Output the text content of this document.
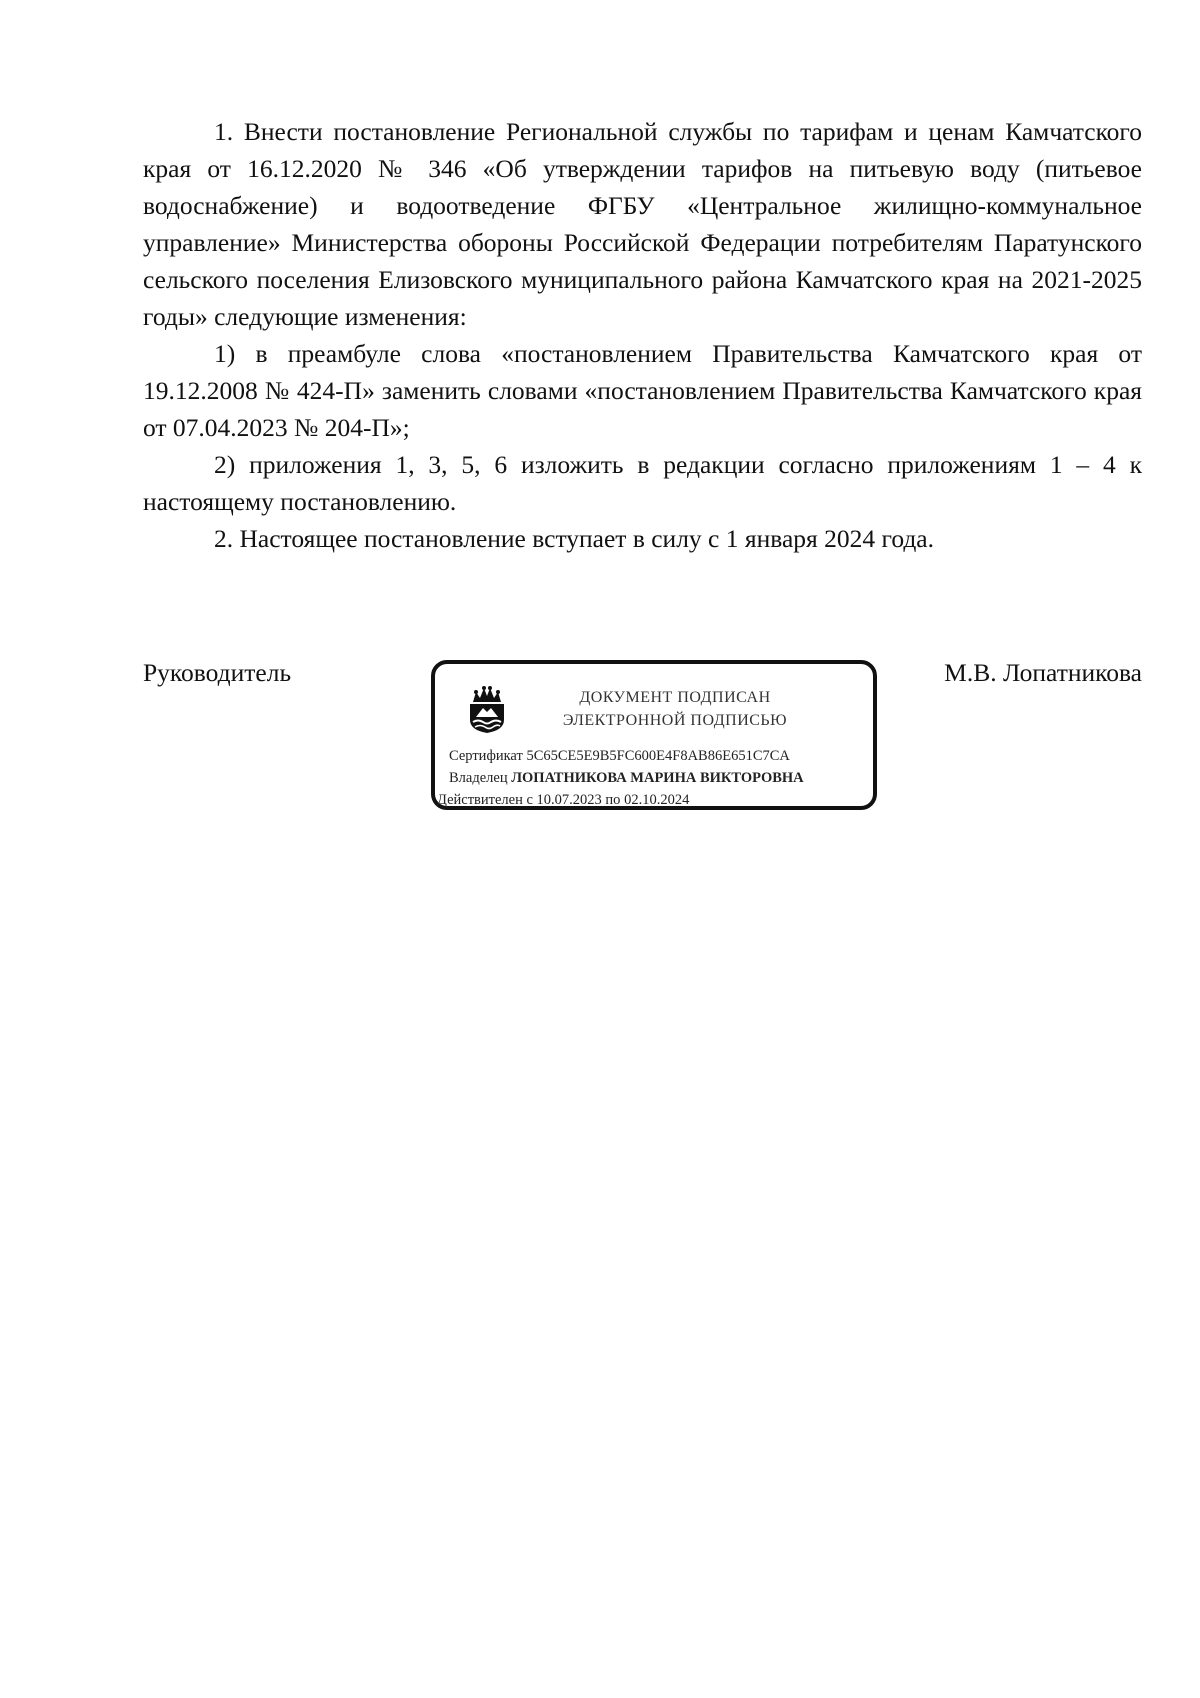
1. Внести постановление Региональной службы по тарифам и ценам Камчатского края от 16.12.2020 № 346 «Об утверждении тарифов на питьевую воду (питьевое водоснабжение) и водоотведение ФГБУ «Центральное жилищно-коммунальное управление» Министерства обороны Российской Федерации потребителям Паратунского сельского поселения Елизовского муниципального района Камчатского края на 2021-2025 годы» следующие изменения:

1) в преамбуле слова «постановлением Правительства Камчатского края от 19.12.2008 № 424-П» заменить словами «постановлением Правительства Камчатского края от 07.04.2023 № 204-П»;

2) приложения 1, 3, 5, 6 изложить в редакции согласно приложениям 1 – 4 к настоящему постановлению.

2. Настоящее постановление вступает в силу с 1 января 2024 года.

Руководитель
ДОКУМЕНТ ПОДПИСАН
ЭЛЕКТРОННОЙ ПОДПИСЬЮ
Сертификат 5C65CE5E9B5FC600E4F8AB86E651C7CA
Владелец ЛОПАТНИКОВА МАРИНА ВИКТОРОВНА
Действителен с 10.07.2023 по 02.10.2024
М.В. Лопатникова
